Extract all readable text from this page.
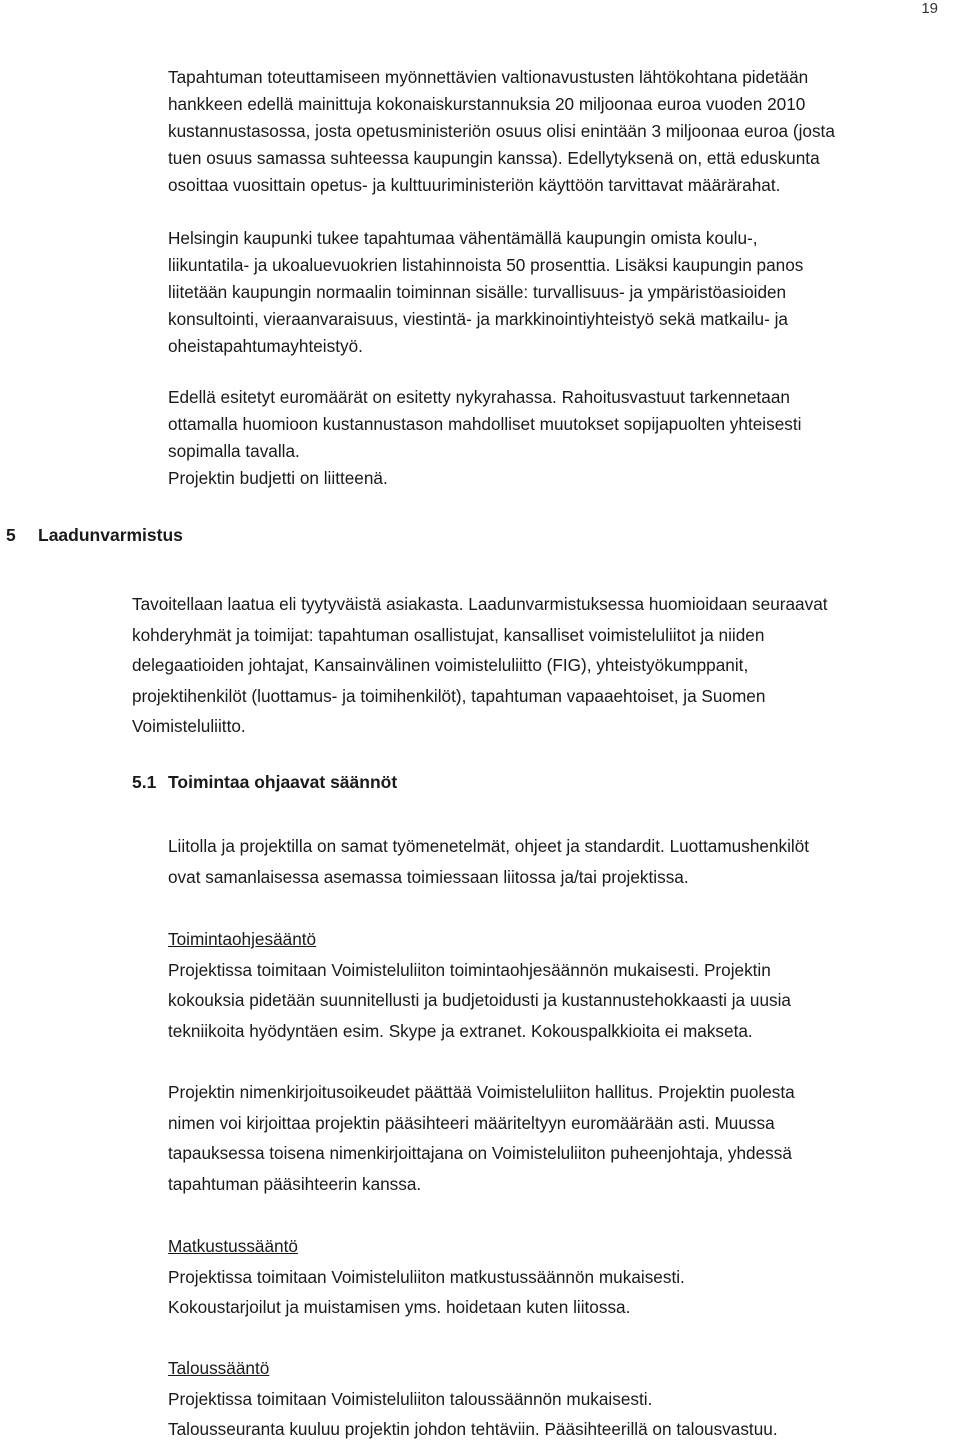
19
Tapahtuman toteuttamiseen myönnettävien valtionavustusten lähtökohtana pidetään
hankkeen edellä mainittuja kokonaiskurstannuksia 20 miljoonaa euroa vuoden 2010
kustannustasossa, josta opetusministeriön osuus olisi enintään 3 miljoonaa euroa (josta
tuen osuus samassa suhteessa kaupungin kanssa). Edellytyksenä on, että eduskunta
osoittaa vuosittain opetus- ja kulttuuriministeriön käyttöön tarvittavat määrärahat.
Helsingin kaupunki tukee tapahtumaa vähentämällä kaupungin omista koulu-,
liikuntatila- ja ukoaluevuokrien listahinnoista 50 prosenttia. Lisäksi kaupungin panos
liitetään kaupungin normaalin toiminnan sisälle: turvallisuus- ja ympäristöasioiden
konsultointi, vieraanvaraisuus, viestintä- ja markkinointiyhteistyö sekä matkailu- ja
oheistapahtumayhteistyö.
Edellä esitetyt euromäärät on esitetty nykyrahassa. Rahoitusvastuut tarkennetaan
ottamalla huomioon kustannustason mahdolliset muutokset sopijapuolten yhteisesti
sopimalla tavalla.
Projektin budjetti on liitteenä.
5 Laadunvarmistus
Tavoitellaan laatua eli tyytyväistä asiakasta. Laadunvarmistuksessa huomioidaan seuraavat
kohderyhmät ja toimijat: tapahtuman osallistujat, kansalliset voimisteluliitot ja niiden
delegaatioiden johtajat, Kansainvälinen voimisteluliitto (FIG), yhteistyökumppanit,
projektihenkilöt (luottamus- ja toimihenkilöt), tapahtuman vapaaehtoiset, ja Suomen
Voimisteluliitto.
5.1 Toimintaa ohjaavat säännöt
Liitolla ja projektilla on samat työmenetelmät, ohjeet ja standardit. Luottamushenkilöt
ovat samanlaisessa asemassa toimiessaan liitossa ja/tai projektissa.
Toimintaohjesääntö
Projektissa toimitaan Voimisteluliiton toimintaohjesäännön mukaisesti. Projektin
kokouksia pidetään suunnitellusti ja budjetoidusti ja kustannustehokkaasti ja uusia
tekniikoita hyödyntäen esim. Skype ja extranet. Kokouspalkkioita ei makseta.
Projektin nimenkirjoitusoikeudet päättää Voimisteluliiton hallitus. Projektin puolesta
nimen voi kirjoittaa projektin pääsihteeri määriteltyyn euromäärään asti. Muussa
tapauksessa toisena nimenkirjoittajana on Voimisteluliiton puheenjohtaja, yhdessä
tapahtuman pääsihteerin kanssa.
Matkustussääntö
Projektissa toimitaan Voimisteluliiton matkustussäännön mukaisesti.
Kokoustarjoilut ja muistamisen yms. hoidetaan kuten liitossa.
Taloussääntö
Projektissa toimitaan Voimisteluliiton taloussäännön mukaisesti.
Talousseuranta kuuluu projektin johdon tehtäviin. Pääsihteerillä on talousvastuu.
